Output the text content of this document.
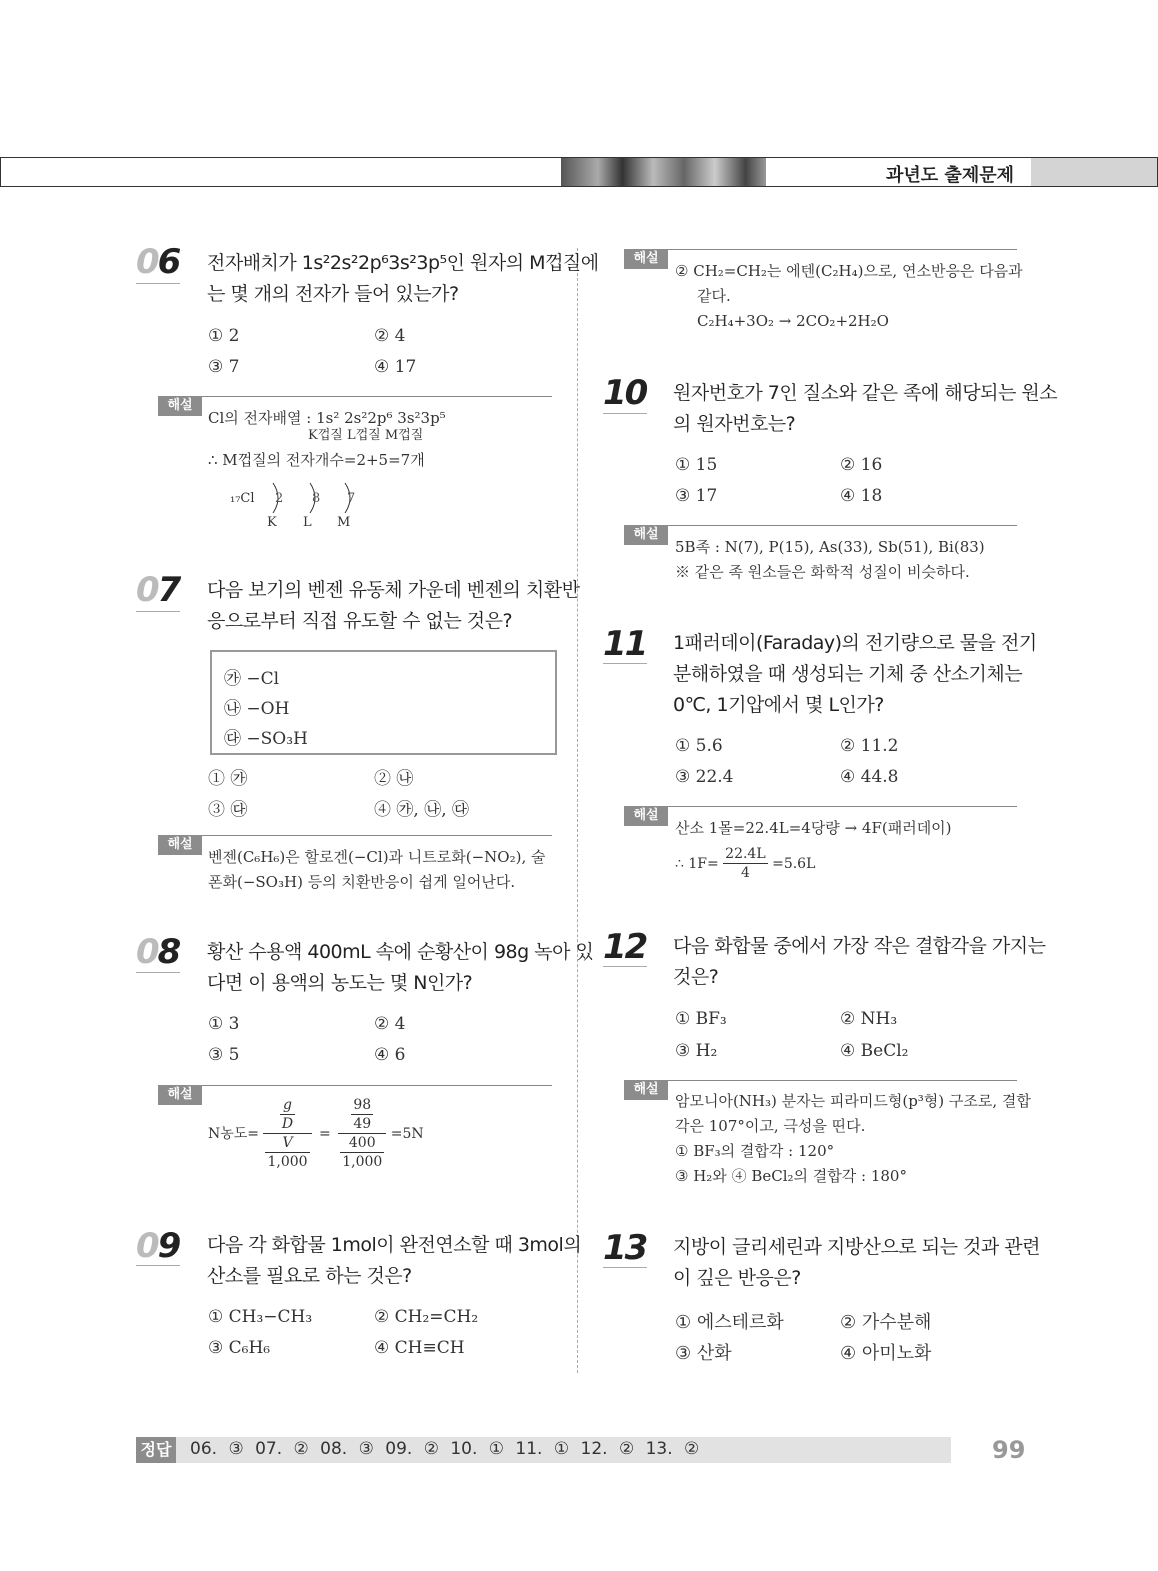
과년도 출제문제
06 전자배치가 1s²2s²2p⁶3s²3p⁵인 원자의 M껍질에
는 몇 개의 전자가 들어 있는가?
① 2	② 4
③ 7	④ 17
해설
Cl의 전자배열 : 1s² 2s²2p⁶ 3s²3p⁵
K껍질 L껍질 M껍질
∴ M껍질의 전자개수=2+5=7개
₁₇Cl 2 8 7
K L M
07 다음 보기의 벤젠 유동체 가운데 벤젠의 치환반
응으로부터 직접 유도할 수 없는 것은?
㉮ −Cl
㉯ −OH
㉰ −SO₃H
① ㉮	② ㉯
③ ㉰	④ ㉮, ㉯, ㉰
해설
벤젠(C₆H₆)은 할로겐(−Cl)과 니트로화(−NO₂), 술
폰화(−SO₃H) 등의 치환반응이 쉽게 일어난다.
08 황산 수용액 400mL 속에 순황산이 98g 녹아 있
다면 이 용액의 농도는 몇 N인가?
① 3	② 4
③ 5	④ 6
해설
N농도= $\frac{\frac{g}{D}}{\frac{V}{1,000}} = \frac{\frac{98}{49}}{\frac{400}{1,000}} =5N$
09 다음 각 화합물 1mol이 완전연소할 때 3mol의
산소를 필요로 하는 것은?
① CH₃−CH₃	② CH₂=CH₂
③ C₆H₆	④ CH≡CH
해설
② CH₂=CH₂는 에텐(C₂H₄)으로, 연소반응은 다음과
같다.
C₂H₄+3O₂ → 2CO₂+2H₂O
10 원자번호가 7인 질소와 같은 족에 해당되는 원소
의 원자번호는?
① 15	② 16
③ 17	④ 18
해설
5B족 : N(7), P(15), As(33), Sb(51), Bi(83)
※ 같은 족 원소들은 화학적 성질이 비슷하다.
11 1패러데이(Faraday)의 전기량으로 물을 전기
분해하였을 때 생성되는 기체 중 산소기체는
0℃, 1기압에서 몇 L인가?
① 5.6	② 11.2
③ 22.4	④ 44.8
해설
산소 1몰=22.4L=4당량 → 4F(패러데이)
∴ $1F= \frac{22.4L}{4} =5.6L$
12 다음 화합물 중에서 가장 작은 결합각을 가지는
것은?
① BF₃	② NH₃
③ H₂	④ BeCl₂
해설
암모니아(NH₃) 분자는 피라미드형(p³형) 구조로, 결합
각은 107°이고, 극성을 띤다.
① BF₃의 결합각 : 120°
③ H₂와 ④ BeCl₂의 결합각 : 180°
13 지방이 글리세린과 지방산으로 되는 것과 관련
이 깊은 반응은?
① 에스테르화	② 가수분해
③ 산화	④ 아미노화
정답 06. ③ 07. ② 08. ③ 09. ② 10. ① 11. ① 12. ② 13. ②	99
